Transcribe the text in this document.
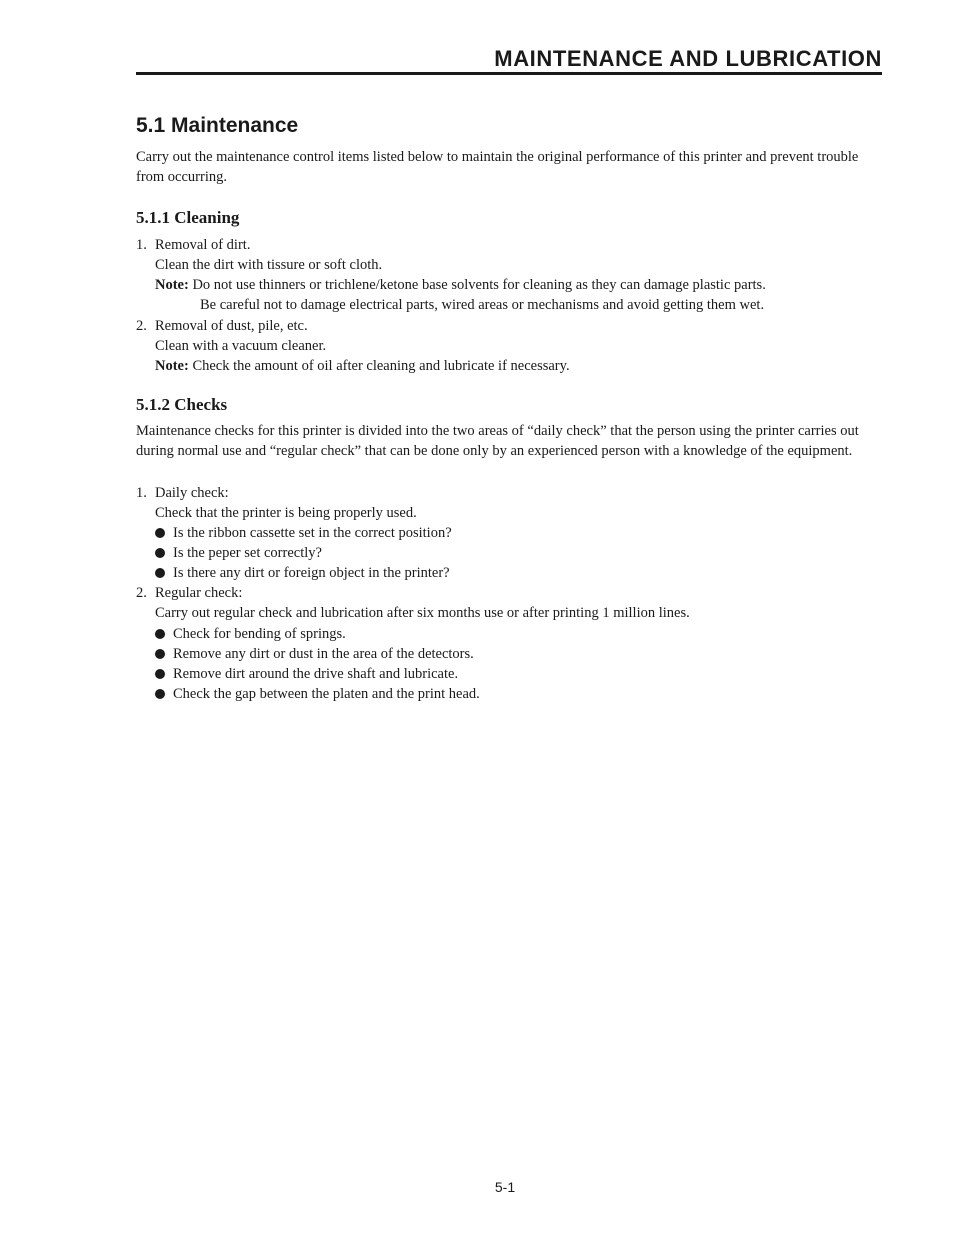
MAINTENANCE AND LUBRICATION
5.1 Maintenance

Carry out the maintenance control items listed below to maintain the original performance of this printer and prevent trouble from occurring.

5.1.1 Cleaning
1. Removal of dirt.
Clean the dirt with tissure or soft cloth.
Note: Do not use thinners or trichlene/ketone base solvents for cleaning as they can damage plastic parts.
Be careful not to damage electrical parts, wired areas or mechanisms and avoid getting them wet.
2. Removal of dust, pile, etc.
Clean with a vacuum cleaner.
Note: Check the amount of oil after cleaning and lubricate if necessary.
5.1.2 Checks

Maintenance checks for this printer is divided into the two areas of “daily check” that the person using the printer carries out during normal use and “regular check” that can be done only by an experienced person with a knowledge of the equipment.

1. Daily check:
Check that the printer is being properly used.
Is the ribbon cassette set in the correct position?
Is the peper set correctly?
Is there any dirt or foreign object in the printer?
2. Regular check:
Carry out regular check and lubrication after six months use or after printing 1 million lines.
Check for bending of springs.
Remove any dirt or dust in the area of the detectors.
Remove dirt around the drive shaft and lubricate.
Check the gap between the platen and the print head.
5-1
